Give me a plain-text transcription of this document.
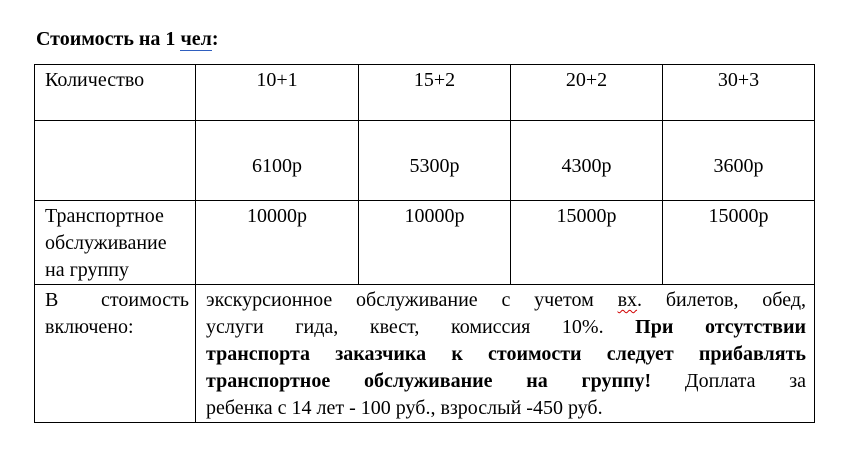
Стоимость на 1 чел:
Количество	10+1	15+2	20+2	30+3
	6100р	5300р	4300р	3600р
Транспортное
обслуживание
на группу	10000р	10000р	15000р	15000р

В стоимость
включено:	экскурсионное обслуживание с учетом вх. билетов, обед,
услуги гида, квест, комиссия 10%. При отсутствии
транспорта заказчика к стоимости следует прибавлять
транспортное обслуживание на группу! Доплата за
ребенка с 14 лет - 100 руб., взрослый -450 руб.			
